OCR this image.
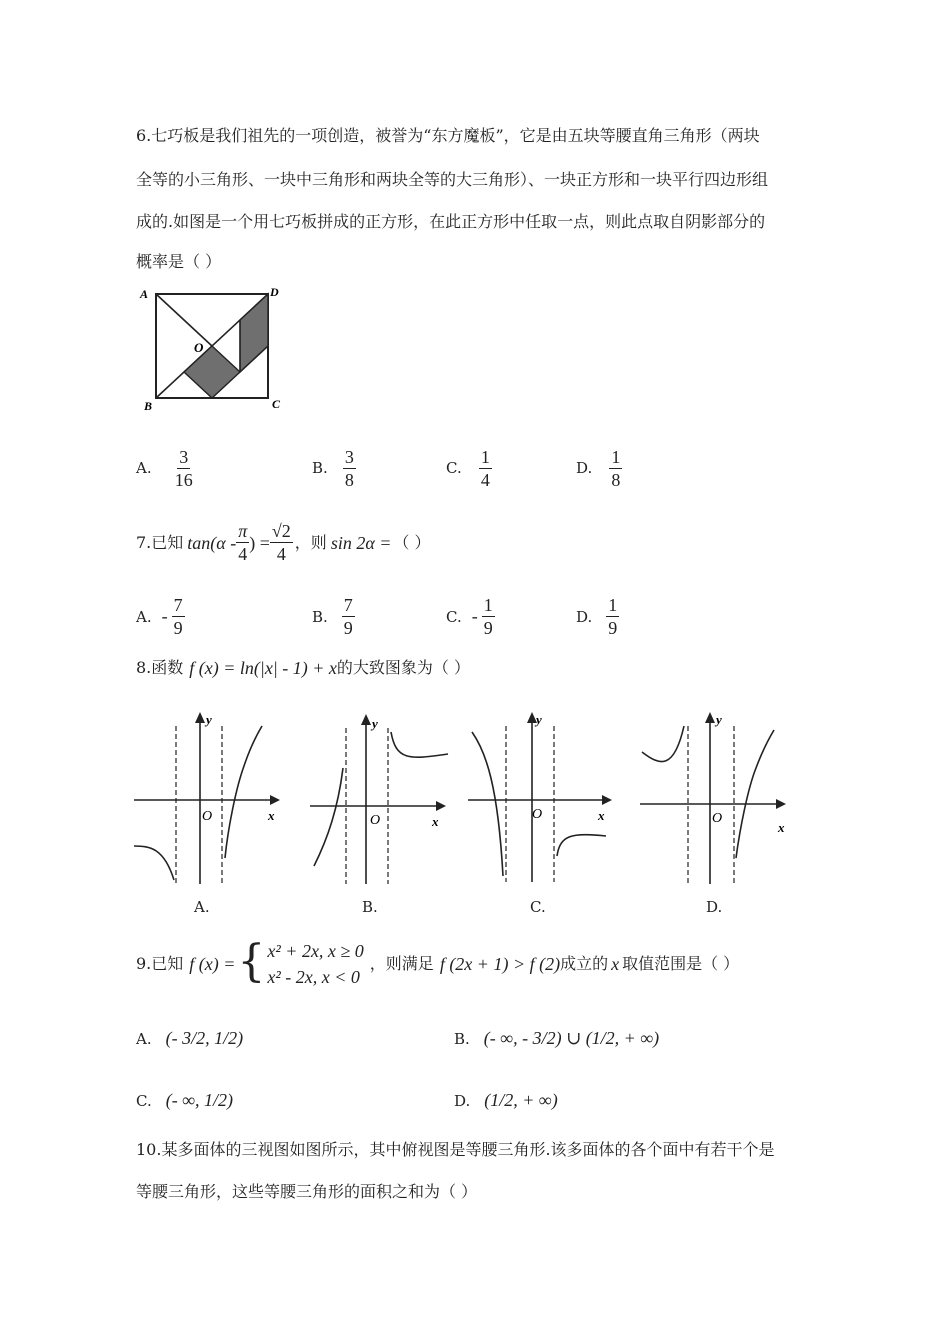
6.七巧板是我们祖先的一项创造，被誉为“东方魔板”，它是由五块等腰直角三角形（两块
全等的小三角形、一块中三角形和两块全等的大三角形）、一块正方形和一块平行四边形组
成的.如图是一个用七巧板拼成的正方形，在此正方形中任取一点，则此点取自阴影部分的
概率是（ ）
A	D
O
B	C
A. $\frac{3}{16}$	B. $\frac{3}{8}$	C. $\frac{1}{4}$	D. $\frac{1}{8}$
7.已知 $\tan(\alpha - \frac{\pi}{4}$ ) = $\frac{√2}{4}$ ，则 sin 2α = （ ）
A. - $\frac{7}{9}$	B. $\frac{7}{9}$	C. - $\frac{1}{9}$	D. $\frac{1}{9}$
8.函数 f (x) = ln(|x| - 1) + x 的大致图象为（ ）
y
O	x
y
O	x
y
O	x
y
O
x
A.	B.	C.	D.
9.已知 f (x) = { x² + 2x, x ≥ 0
x² - 2x, x < 0
，则满足 f (2x + 1) > f (2) 成立的 x 取值范围是（ ）
A. (- 3/2, 1/2)	B. (- ∞, - 3/2) ∪ (1/2, + ∞)
C. (- ∞, 1/2)	D. (1/2, + ∞)
10.某多面体的三视图如图所示，其中俯视图是等腰三角形.该多面体的各个面中有若干个是
等腰三角形，这些等腰三角形的面积之和为（ ）
